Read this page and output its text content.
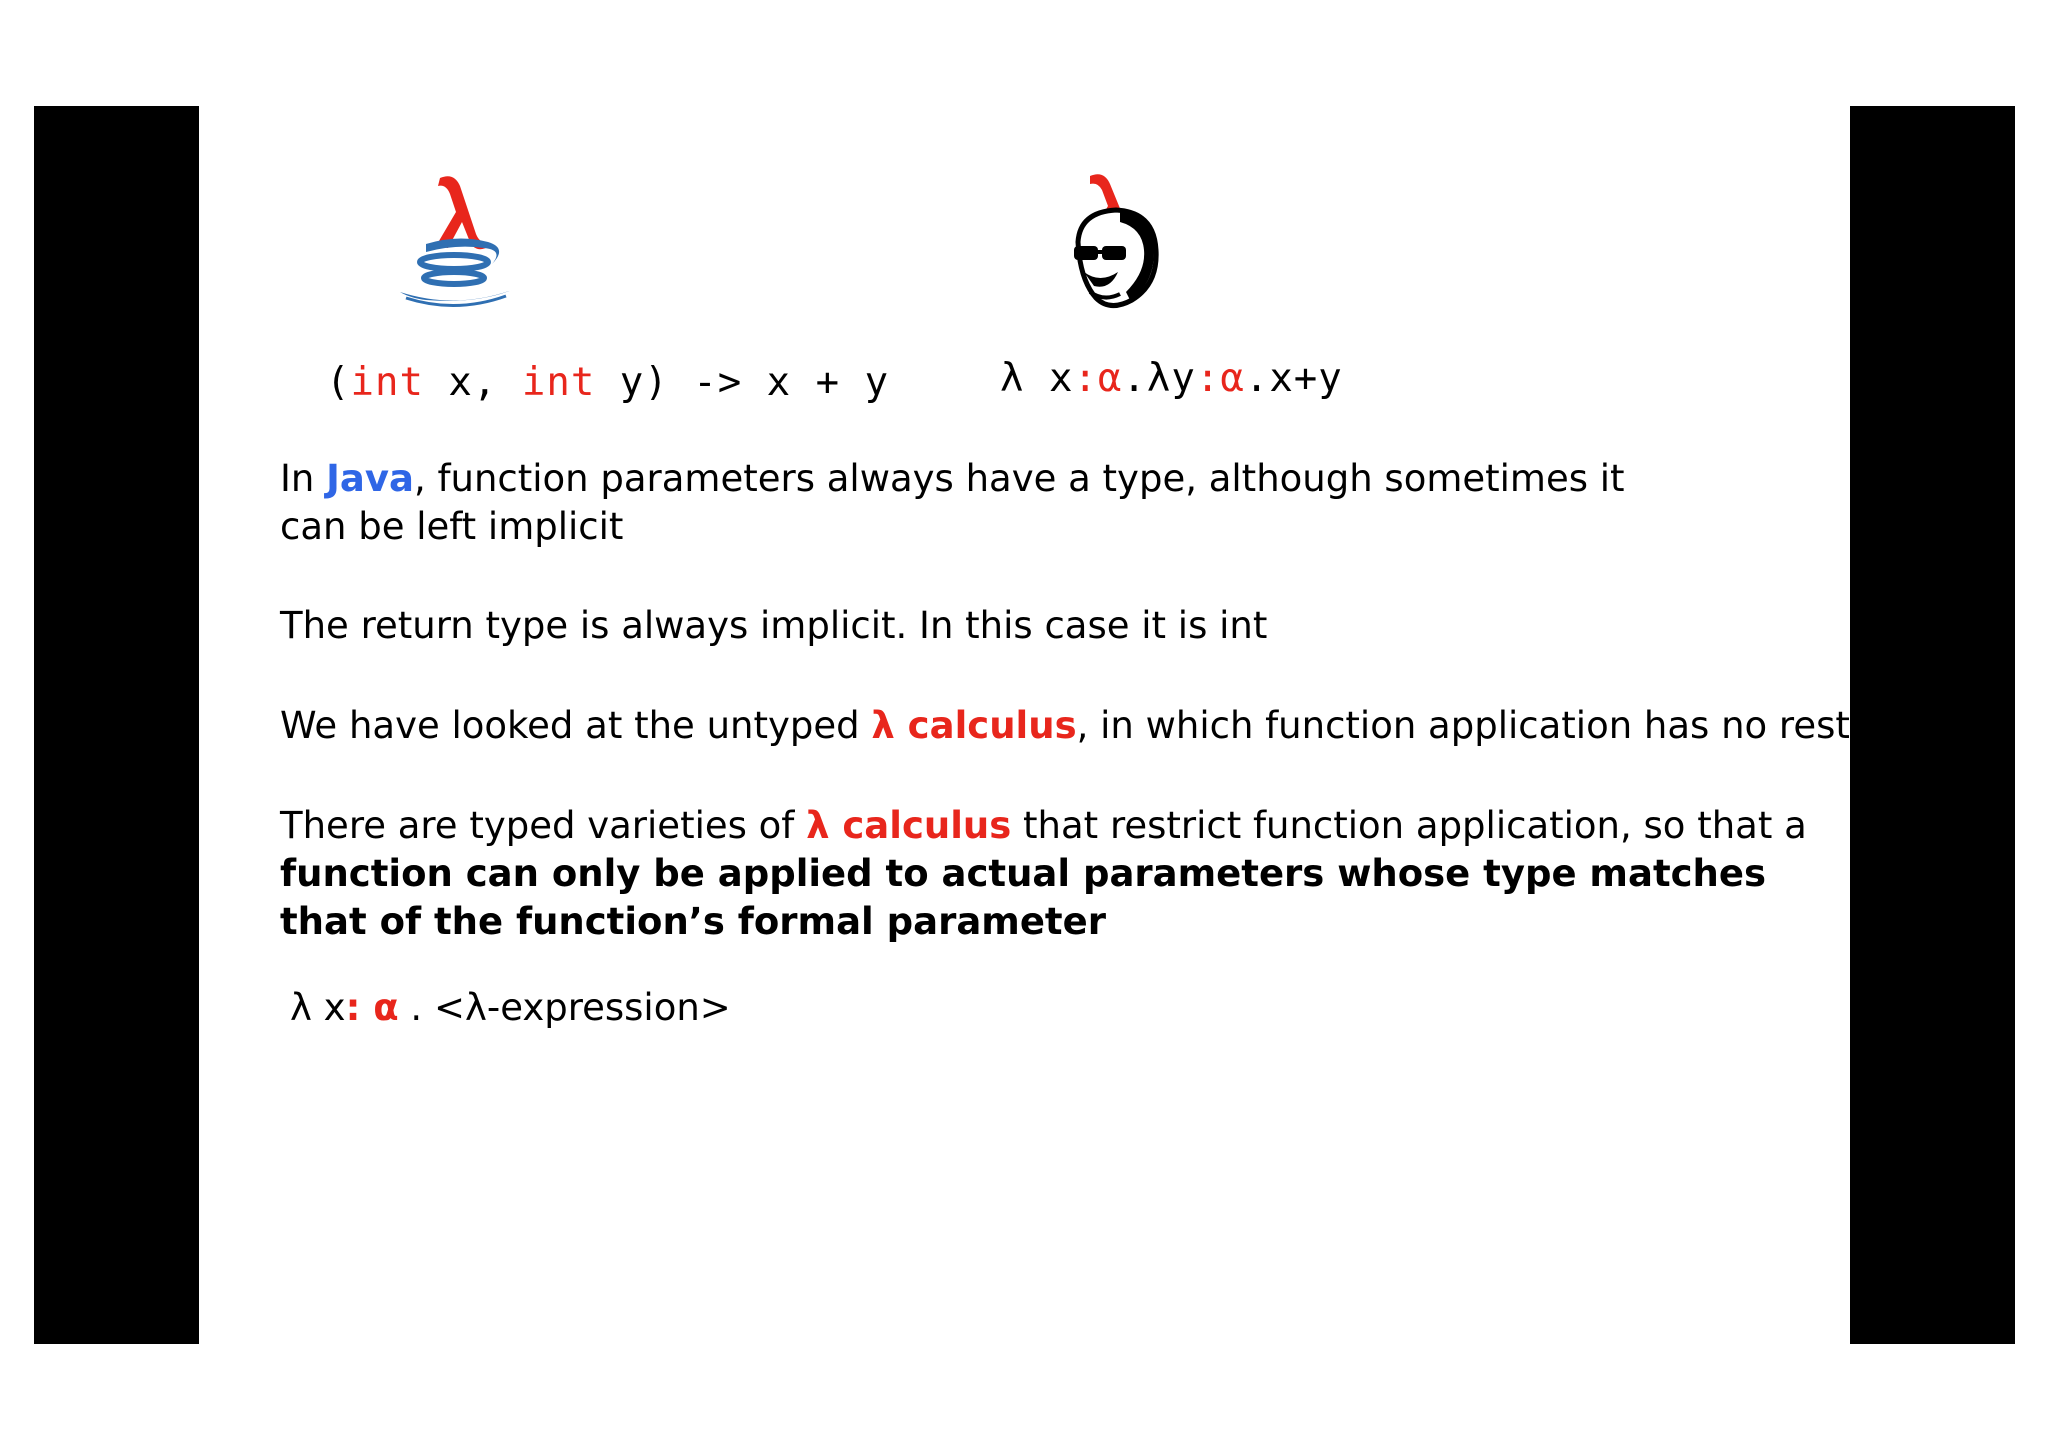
(int x, int y) -> x + y	λ x:α.λy:α.x+y
In Java, function parameters always have a type, although sometimes it can be left implicit
The return type is always implicit. In this case it is int
We have looked at the untyped λ calculus, in which function application has no restrictions
There are typed varieties of λ calculus that restrict function application, so that a function can only be applied to actual parameters whose type matches that of the function’s formal parameter
λ x: α . <λ-expression>
